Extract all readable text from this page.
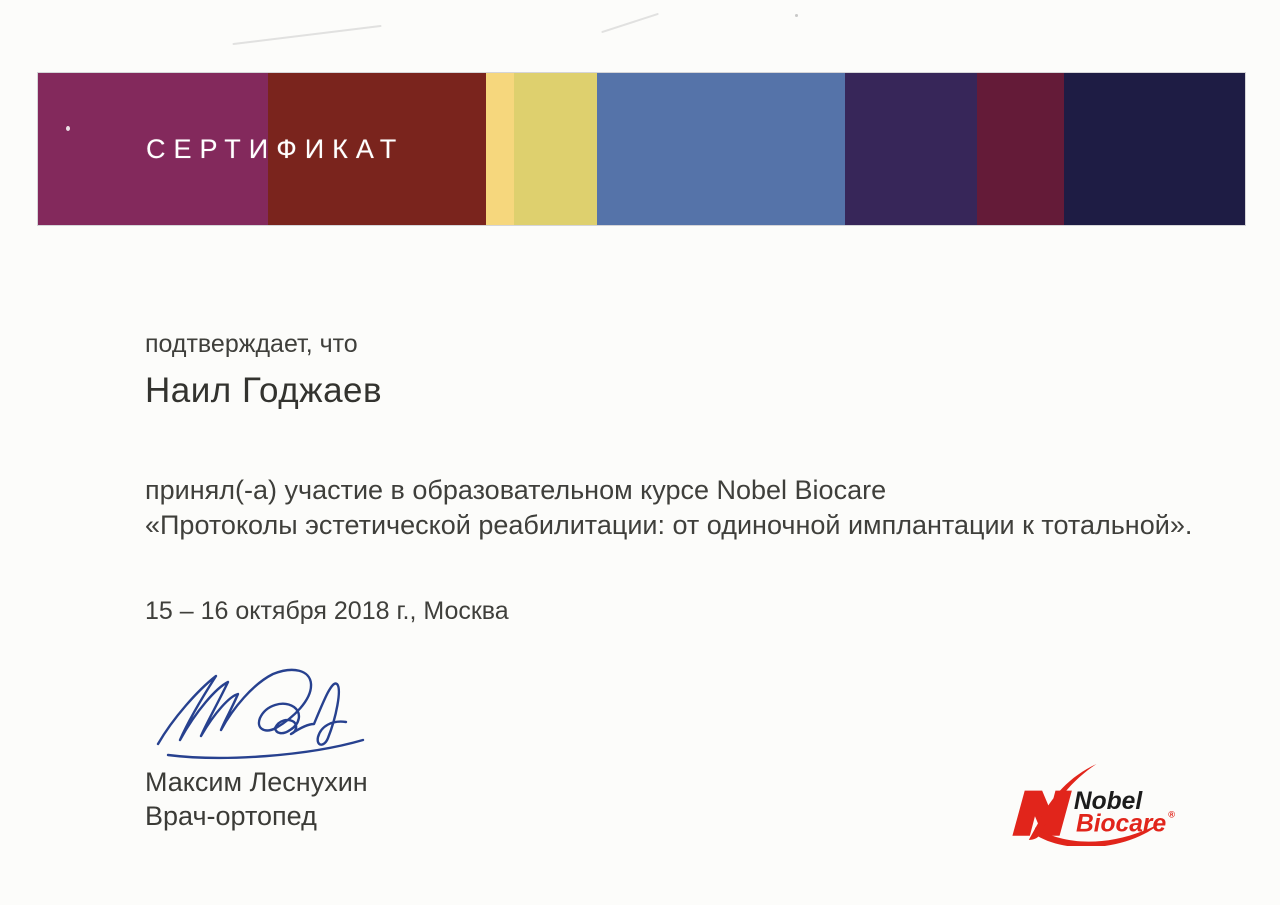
СЕРТИФИКАТ
подтверждает, что
Наил Годжаев
принял(-а) участие в образовательном курсе Nobel Biocare
«Протоколы эстетической реабилитации: от одиночной имплантации к тотальной».
15 – 16 октября 2018 г., Москва
Максим Леснухин
Врач-ортопед	Nobel
Biocare ®
